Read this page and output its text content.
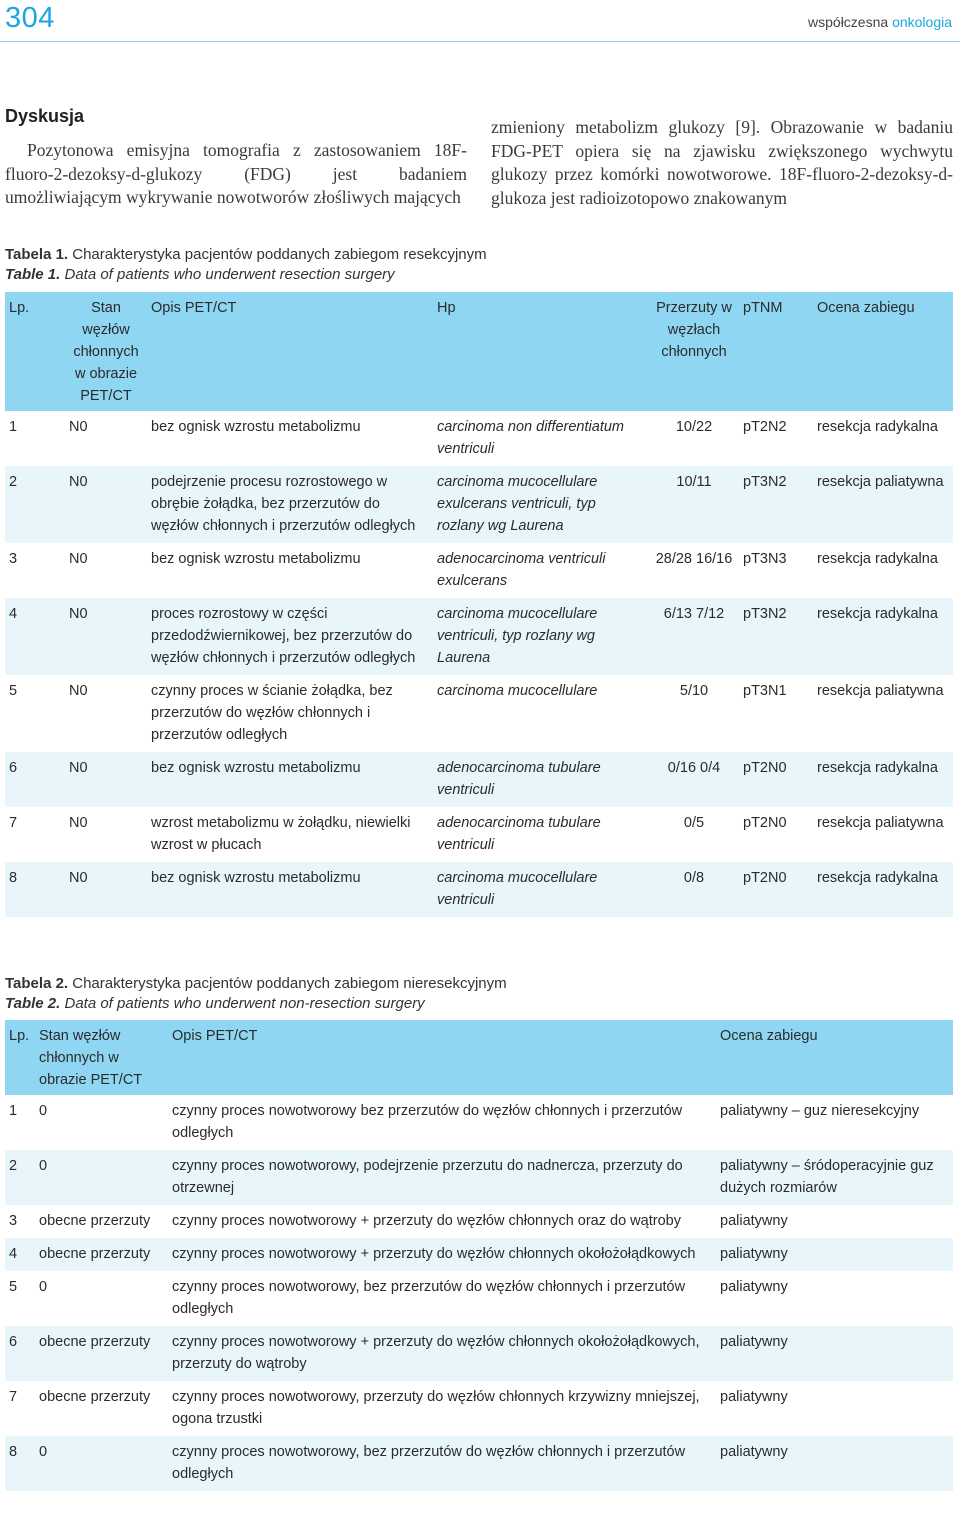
304	współczesna onkologia
Dyskusja
Pozytonowa emisyjna tomografia z zastosowaniem 18F-fluoro-2-dezoksy-d-glukozy (FDG) jest badaniem umożliwiającym wykrywanie nowotworów złośliwych mających
zmieniony metabolizm glukozy [9]. Obrazowanie w badaniu FDG-PET opiera się na zjawisku zwiększonego wychwytu glukozy przez komórki nowotworowe. 18F-fluoro-2-dezoksy-d-glukoza jest radioizotopowo znakowanym
Tabela 1. Charakterystyka pacjentów poddanych zabiegom resekcyjnym
Table 1. Data of patients who underwent resection surgery
Lp.	Stan węzłów chłonnych w obrazie PET/CT	Opis PET/CT	Hp	Przerzuty w węzłach chłonnych	pTNM	Ocena zabiegu
1	N0	bez ognisk wzrostu metabolizmu	carcinoma non differentiatum ventriculi	10/22	pT2N2	resekcja radykalna
2	N0	podejrzenie procesu rozrostowego w obrębie żołądka, bez przerzutów do węzłów chłonnych i przerzutów odległych	carcinoma mucocellulare exulcerans ventriculi, typ rozlany wg Laurena	10/11	pT3N2	resekcja paliatywna
3	N0	bez ognisk wzrostu metabolizmu	adenocarcinoma ventriculi exulcerans	28/28 16/16	pT3N3	resekcja radykalna
4	N0	proces rozrostowy w części przedodźwiernikowej, bez przerzutów do węzłów chłonnych i przerzutów odległych	carcinoma mucocellulare ventriculi, typ rozlany wg Laurena	6/13 7/12	pT3N2	resekcja radykalna
5	N0	czynny proces w ścianie żołądka, bez przerzutów do węzłów chłonnych i przerzutów odległych	carcinoma mucocellulare	5/10	pT3N1	resekcja paliatywna
6	N0	bez ognisk wzrostu metabolizmu	adenocarcinoma tubulare ventriculi	0/16 0/4	pT2N0	resekcja radykalna
7	N0	wzrost metabolizmu w żołądku, niewielki wzrost w płucach	adenocarcinoma tubulare ventriculi	0/5	pT2N0	resekcja paliatywna
8	N0	bez ognisk wzrostu metabolizmu	carcinoma mucocellulare ventriculi	0/8	pT2N0	resekcja radykalna
Tabela 2. Charakterystyka pacjentów poddanych zabiegom nieresekcyjnym
Table 2. Data of patients who underwent non-resection surgery
Lp.	Stan węzłów chłonnych w obrazie PET/CT	Opis PET/CT	Ocena zabiegu
1	0	czynny proces nowotworowy bez przerzutów do węzłów chłonnych i przerzutów odległych	paliatywny – guz nieresekcyjny
2	0	czynny proces nowotworowy, podejrzenie przerzutu do nadnercza, przerzuty do otrzewnej	paliatywny – śródoperacyjnie guz dużych rozmiarów
3	obecne przerzuty	czynny proces nowotworowy + przerzuty do węzłów chłonnych oraz do wątroby	paliatywny
4	obecne przerzuty	czynny proces nowotworowy + przerzuty do węzłów chłonnych okołożołądkowych	paliatywny
5	0	czynny proces nowotworowy, bez przerzutów do węzłów chłonnych i przerzutów odległych	paliatywny
6	obecne przerzuty	czynny proces nowotworowy + przerzuty do węzłów chłonnych okołożołądkowych, przerzuty do wątroby	paliatywny
7	obecne przerzuty	czynny proces nowotworowy, przerzuty do węzłów chłonnych krzywizny mniejszej, ogona trzustki	paliatywny
8	0	czynny proces nowotworowy, bez przerzutów do węzłów chłonnych i przerzutów odległych	paliatywny
